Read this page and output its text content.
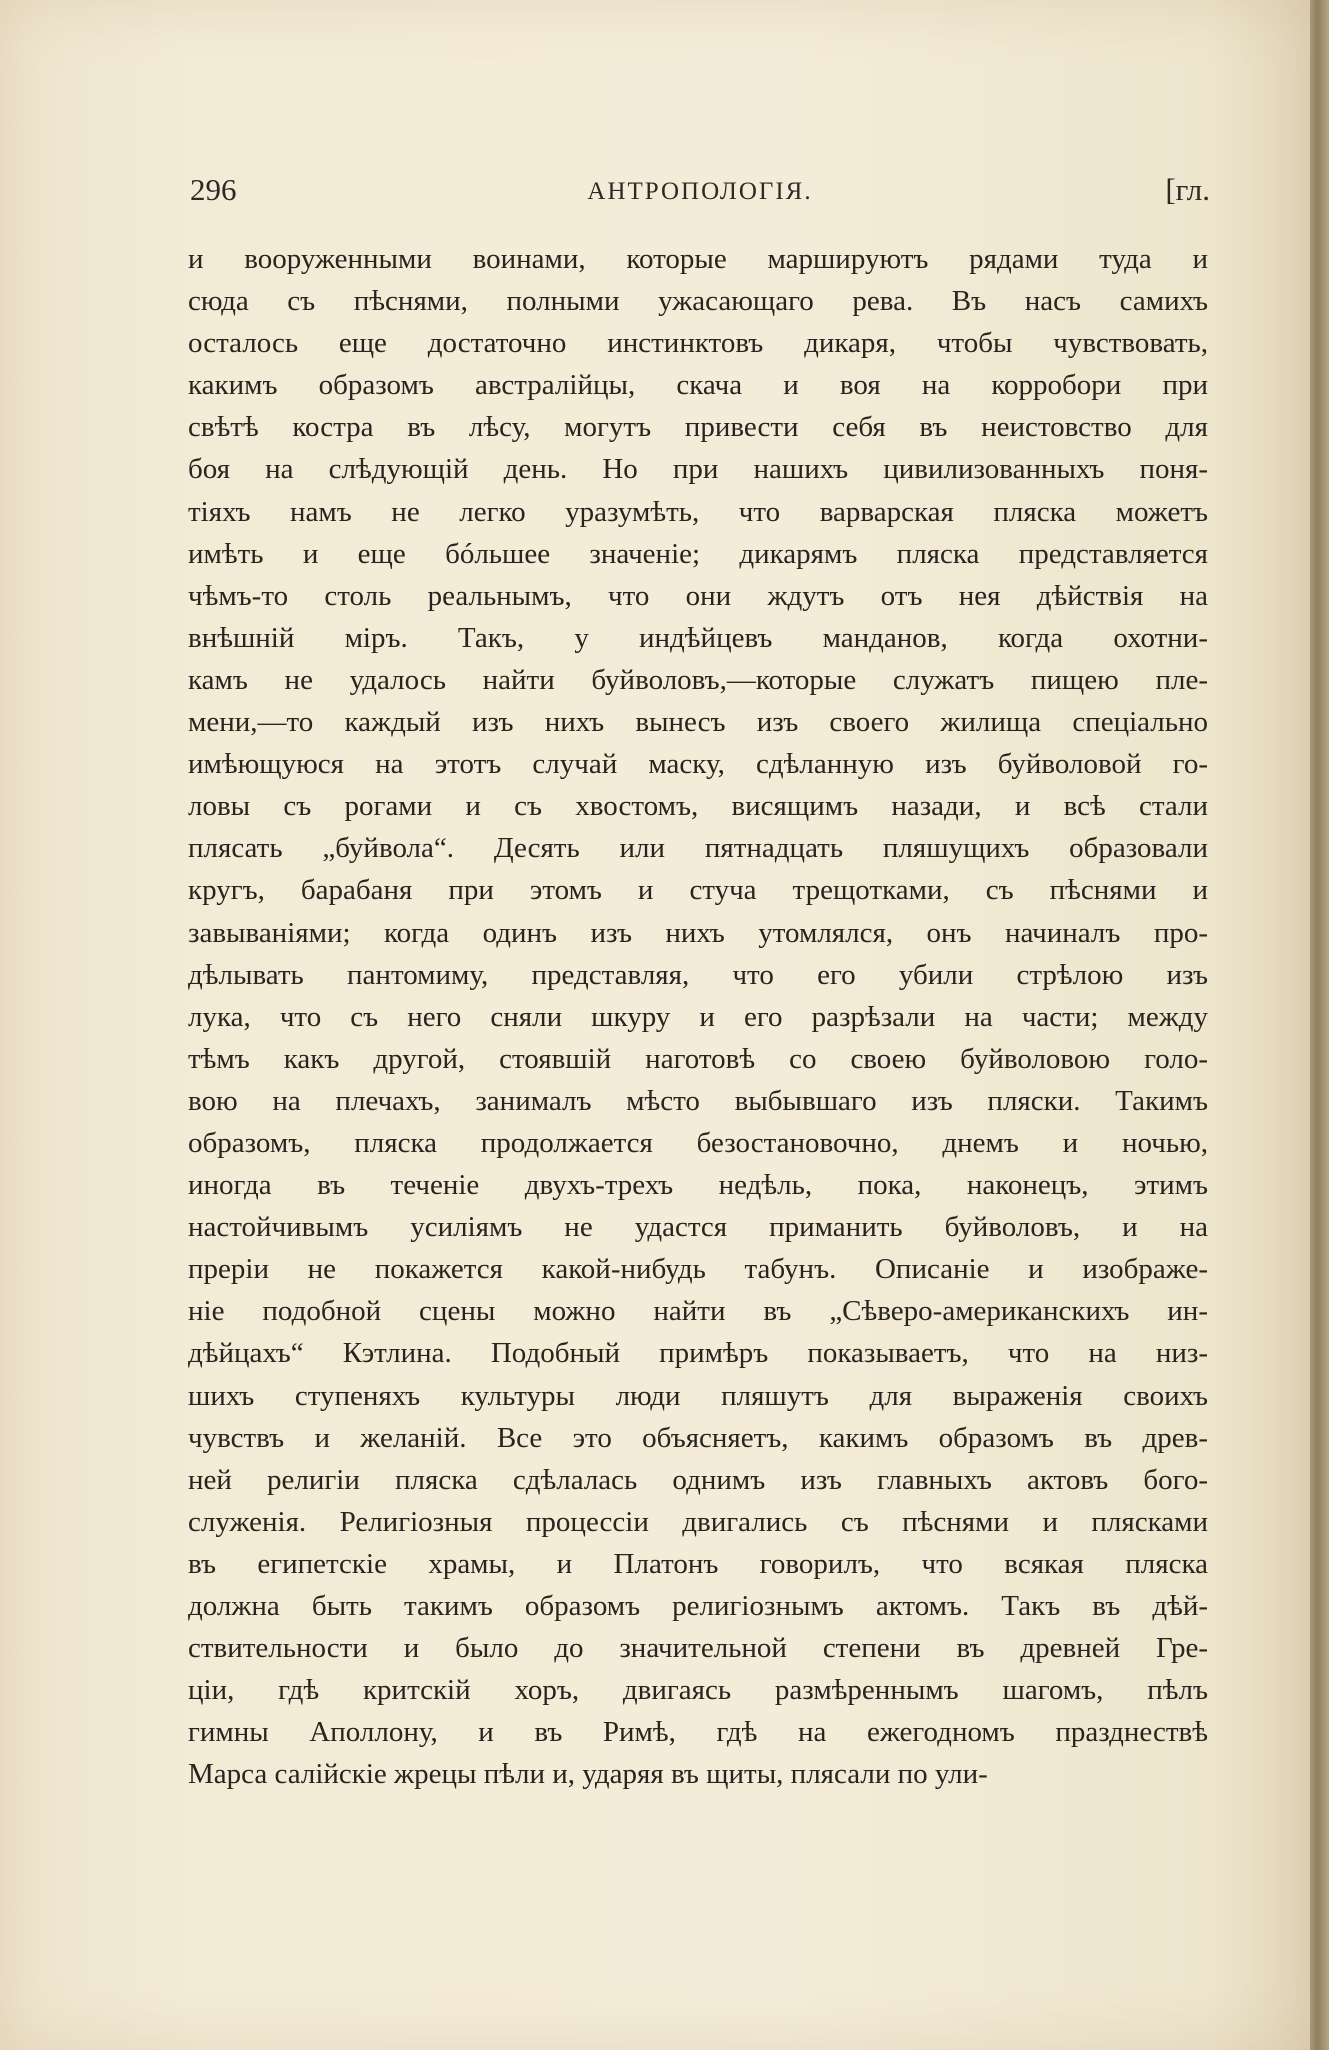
296	АНТРОПОЛОГIЯ.	[гл.
и вооруженными воинами, которые маршируютъ рядами туда и
сюда съ пѣснями, полными ужасающаго рева. Въ насъ самихъ
осталось еще достаточно инстинктовъ дикаря, чтобы чувствовать,
какимъ образомъ австралiйцы, скача и воя на корробори при
свѣтѣ костра въ лѣсу, могутъ привести себя въ неистовство для
боя на слѣдующiй день. Но при нашихъ цивилизованныхъ поня-
тiяхъ намъ не легко уразумѣть, что варварская пляска можетъ
имѣть и еще бóльшее значенiе; дикарямъ пляска представляется
чѣмъ-то столь реальнымъ, что они ждутъ отъ нея дѣйствiя на
внѣшнiй мiръ. Такъ, у индѣйцевъ манданов, когда охотни-
камъ не удалось найти буйволовъ,—которые служатъ пищею пле-
мени,—то каждый изъ нихъ вынесъ изъ своего жилища спецiально
имѣющуюся на этотъ случай маску, сдѣланную изъ буйволовой го-
ловы съ рогами и съ хвостомъ, висящимъ назади, и всѣ стали
плясать „буйвола“. Десять или пятнадцать пляшущихъ образовали
кругъ, барабаня при этомъ и стуча трещотками, съ пѣснями и
завыванiями; когда одинъ изъ нихъ утомлялся, онъ начиналъ про-
дѣлывать пантомиму, представляя, что его убили стрѣлою изъ
лука, что съ него сняли шкуру и его разрѣзали на части; между
тѣмъ какъ другой, стоявшiй наготовѣ со своею буйволовою голо-
вою на плечахъ, занималъ мѣсто выбывшаго изъ пляски. Такимъ
образомъ, пляска продолжается безостановочно, днемъ и ночью,
иногда въ теченiе двухъ-трехъ недѣль, пока, наконецъ, этимъ
настойчивымъ усилiямъ не удастся приманить буйволовъ, и на
прерiи не покажется какой-нибудь табунъ. Описанiе и изображе-
нiе подобной сцены можно найти въ „Сѣверо-американскихъ ин-
дѣйцахъ“ Кэтлина. Подобный примѣръ показываетъ, что на низ-
шихъ ступеняхъ культуры люди пляшутъ для выраженiя своихъ
чувствъ и желанiй. Все это объясняетъ, какимъ образомъ въ древ-
ней религiи пляска сдѣлалась однимъ изъ главныхъ актовъ бого-
служенiя. Религiозныя процессiи двигались съ пѣснями и плясками
въ египетскiе храмы, и Платонъ говорилъ, что всякая пляска
должна быть такимъ образомъ религiознымъ актомъ. Такъ въ дѣй-
ствительности и было до значительной степени въ древней Гре-
цiи, гдѣ критскiй хоръ, двигаясь размѣреннымъ шагомъ, пѣлъ
гимны Аполлону, и въ Римѣ, гдѣ на ежегодномъ празднествѣ
Марса салiйскiе жрецы пѣли и, ударяя въ щиты, плясали по ули-
